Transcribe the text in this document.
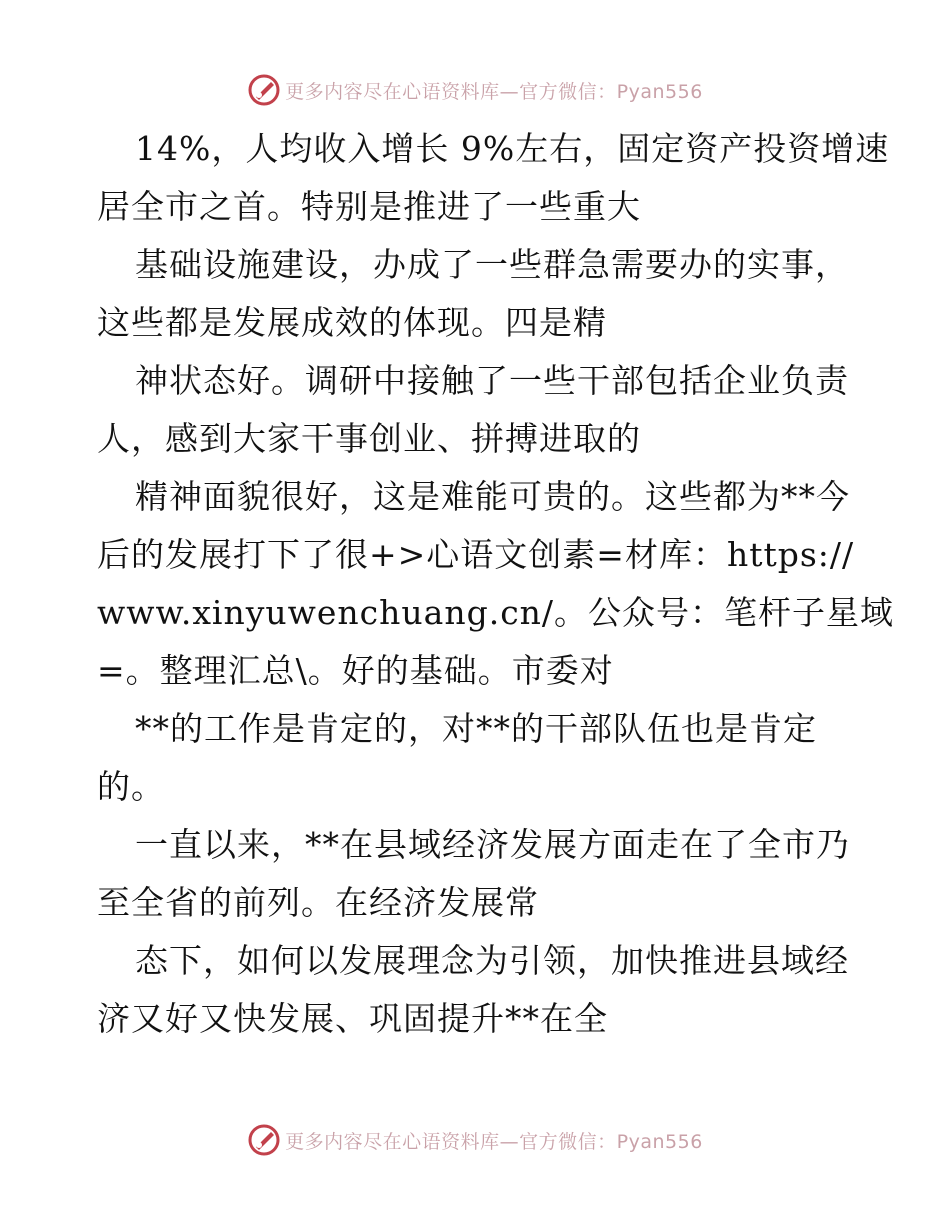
更多内容尽在心语资料库—官方微信：Pyan556
14%，人均收入增长 9%左右，固定资产投资增速
居全市之首。特别是推进了一些重大
基础设施建设，办成了一些群急需要办的实事，
这些都是发展成效的体现。四是精
神状态好。调研中接触了一些干部包括企业负责
人，感到大家干事创业、拼搏进取的
精神面貌很好，这是难能可贵的。这些都为**今
后的发展打下了很+>心语文创素=材库：https://
www.xinyuwenchuang.cn/。公众号：笔杆子星域
=。整理汇总\。好的基础。市委对
**的工作是肯定的，对**的干部队伍也是肯定
的。
一直以来，**在县域经济发展方面走在了全市乃
至全省的前列。在经济发展常
态下，如何以发展理念为引领，加快推进县域经
济又好又快发展、巩固提升**在全
更多内容尽在心语资料库—官方微信：Pyan556
